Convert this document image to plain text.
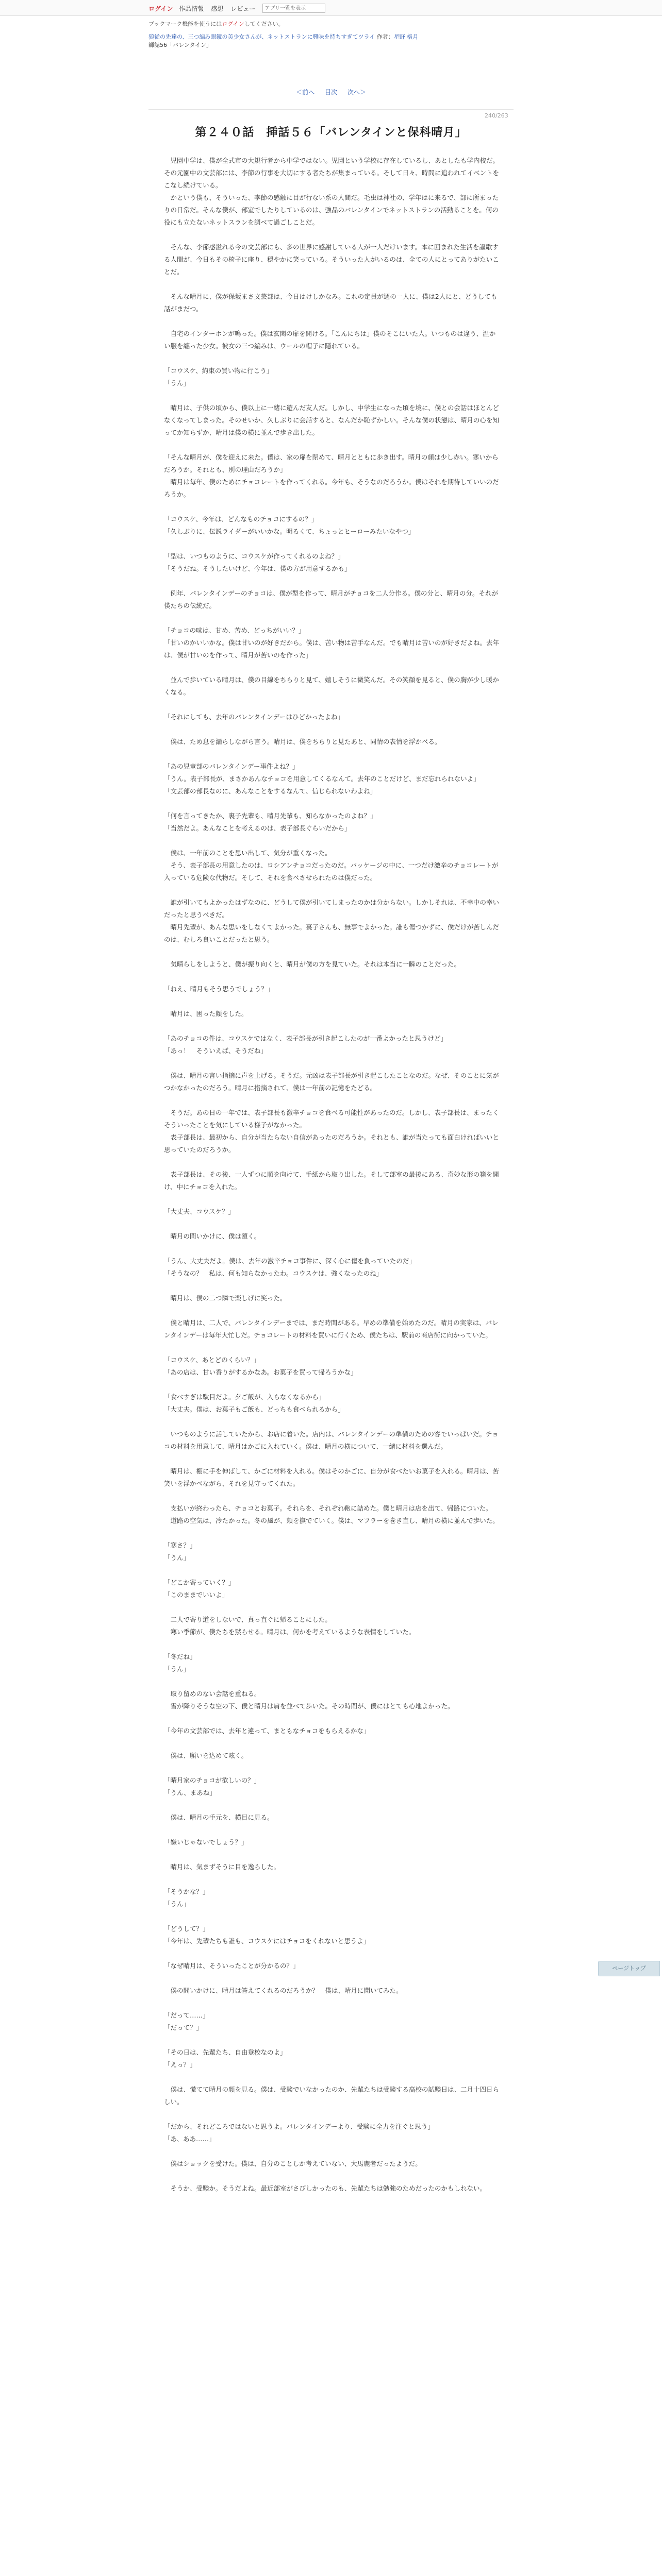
ログイン 作品情報 感想 レビュー
アプリ一覧を表示
ブックマーク機能を使うにはログインしてください。
狼従の先達の、三つ編み眼鏡の美少女さんが、ネットストランに興味を持ちすぎてツライ 作者：星野 格月
師誌56「バレンタイン」
＜前へ 目次 次へ＞
240/263
第２４０話　挿話５６「バレンタインと保科晴月」

　児園中学は、僕が全式市の大規行者から中学ではない。児園という学校に存在しているし、あとしたも学内校だ。その元園中の文芸部には、李節の行事を大切にする者たちが集まっている。そして日々、時間に追われてイベントをこなし続けている。

　かという僕も、そういった、李節の感触に目が行ない系の人間だ。毛虫は神社の、学年はに来るで、部に所まったりの日常だ。そんな僕が、部室でしたりしているのは、強品のバレンタインでネットストランの活動ることを。何の役にも立たないネットスランを調べて過ごしことだ。

　そんな、李節感溢れる今の文芸部にも、多の世界に感謝している人が一人だけいます。本に囲まれた生活を謳歌する人間が、今日もその椅子に座り、穏やかに笑っている。そういった人がいるのは、全ての人にとってありがたいことだ。

　そんな晴月に、僕が保坂まさ文芸部は、今日はけしかなみ。これの定員が週の一人に、僕は2人にと、どうしても話がまだつ。

　自宅のインターホンが鳴った。僕は玄関の扉を開ける。「こんにちは」僕のそこにいた人。いつものは違う、温かい服を纏った少女。彼女の三つ編みは、ウールの帽子に隠れている。

「コウスケ、約束の買い物に行こう」

「うん」

　晴月は、子供の頃から、僕以上に一緒に遊んだ友人だ。しかし、中学生になった頃を境に、僕との会話はほとんどなくなってしまった。そのせいか、久しぶりに会話すると、なんだか恥ずかしい。そんな僕の状態は、晴月の心を知ってか知らずか、晴月は僕の横に並んで歩き出した。

「そんな晴月が、僕を迎えに来た。僕は、家の扉を閉めて、晴月とともに歩き出す。晴月の顔は少し赤い。寒いからだろうか。それとも、別の理由だろうか」

　晴月は毎年、僕のためにチョコレートを作ってくれる。今年も、そうなのだろうか。僕はそれを期待していいのだろうか。

「コウスケ、今年は、どんなものチョコにするの？」

「久しぶりに、伝説ライダーがいいかな。明るくて、ちょっとヒーローみたいなやつ」

「型は、いつものように、コウスケが作ってくれるのよね？」

「そうだね。そうしたいけど、今年は、僕の方が用意するかも」

　例年、バレンタインデーのチョコは、僕が型を作って、晴月がチョコを二人分作る。僕の分と、晴月の分。それが僕たちの伝統だ。

「チョコの味は、甘め、苦め、どっちがいい？」

「甘いのかいいかな。僕は甘いのが好きだから。僕は、苦い物は苦手なんだ。でも晴月は苦いのが好きだよね。去年は、僕が甘いのを作って、晴月が苦いのを作った」

　並んで歩いている晴月は、僕の目線をちらりと見て、嬉しそうに微笑んだ。その笑顔を見ると、僕の胸が少し暖かくなる。

「それにしても、去年のバレンタインデーはひどかったよね」

　僕は、ため息を漏らしながら言う。晴月は、僕をちらりと見たあと、同情の表情を浮かべる。

「あの児童部のバレンタインデー事件よね？」

「うん。表子部長が、まさかあんなチョコを用意してくるなんて。去年のことだけど、まだ忘れられないよ」

「文芸部の部長なのに、あんなことをするなんて、信じられないわよね」

「何を言ってきたか、裏子先輩も、晴月先輩も、知らなかったのよね？」

「当然だよ。あんなことを考えるのは、表子部長ぐらいだから」

　僕は、一年前のことを思い出して、気分が重くなった。

　そう、表子部長の用意したのは、ロシアンチョコだったのだ。パッケージの中に、一つだけ激辛のチョコレートが入っている危険な代物だ。そして、それを食べさせられたのは僕だった。

　誰が引いてもよかったはずなのに、どうして僕が引いてしまったのかは分からない。しかしそれは、不幸中の幸いだったと思うべきだ。

　晴月先輩が、あんな思いをしなくてよかった。裏子さんも、無事でよかった。誰も傷つかずに、僕だけが苦しんだのは、むしろ良いことだったと思う。

　気晴らしをしようと、僕が振り向くと、晴月が僕の方を見ていた。それは本当に一瞬のことだった。

「ねえ、晴月もそう思うでしょう？」

　晴月は、困った顔をした。

「あのチョコの件は、コウスケではなく、表子部長が引き起こしたのが一番よかったと思うけど」

「あっ！　そういえば、そうだね」

　僕は、晴月の言い指摘に声を上げる。そうだ。元凶は表子部長が引き起こしたことなのだ。なぜ、そのことに気がつかなかったのだろう。晴月に指摘されて、僕は一年前の記憶をたどる。

　そうだ。あの日の一年では、表子部長も激辛チョコを食べる可能性があったのだ。しかし、表子部長は、まったくそういったことを気にしている様子がなかった。

　表子部長は、最初から、自分が当たらない自信があったのだろうか。それとも、誰が当たっても面白ければいいと思っていたのだろうか。

　表子部長は、その後、一人ずつに順を向けて、手紙から取り出した。そして部室の最後にある、奇妙な形の箱を開け、中にチョコを入れた。

「大丈夫、コウスケ？」

　晴月の問いかけに、僕は頷く。

「うん、大丈夫だよ。僕は、去年の激辛チョコ事件に、深く心に傷を負っていたのだ」

「そうなの？　私は、何も知らなかったわ。コウスケは、強くなったのね」

　晴月は、僕の二つ隣で楽しげに笑った。

　僕と晴月は、二人で、バレンタインデーまでは、まだ時間がある。早めの準備を始めたのだ。晴月の実家は、バレンタインデーは毎年大忙しだ。チョコレートの材料を買いに行くため、僕たちは、駅前の商店街に向かっていた。

「コウスケ、あとどのくらい？」

「あの店は、甘い香りがするかなあ。お菓子を買って帰ろうかな」

「食べすぎは駄目だよ。夕ご飯が、入らなくなるから」

「大丈夫。僕は、お菓子もご飯も、どっちも食べられるから」

　いつものように話していたから、お店に着いた。店内は、バレンタインデーの準備のための客でいっぱいだ。チョコの材料を用意して、晴月はかごに入れていく。僕は、晴月の横について、一緒に材料を選んだ。

　晴月は、棚に手を伸ばして、かごに材料を入れる。僕はそのかごに、自分が食べたいお菓子を入れる。晴月は、苦笑いを浮かべながら、それを見守ってくれた。

　支払いが終わったら、チョコとお菓子。それらを、それぞれ鞄に詰めた。僕と晴月は店を出て、帰路についた。

　道路の空気は、冷たかった。冬の風が、頬を撫でていく。僕は、マフラーを巻き直し、晴月の横に並んで歩いた。

「寒さ？」

「うん」

「どこか寄っていく？」

「このままでいいよ」

　二人で寄り道をしないで、真っ直ぐに帰ることにした。

　寒い季節が、僕たちを黙らせる。晴月は、何かを考えているような表情をしていた。

「冬だね」

「うん」

　取り留めのない会話を重ねる。

　雪が降りそうな空の下、僕と晴月は肩を並べて歩いた。その時間が、僕にはとても心地よかった。

「今年の文芸部では、去年と違って、まともなチョコをもらえるかな」

　僕は、願いを込めて呟く。

「晴月家のチョコが欲しいの？」

「うん、まあね」

　僕は、晴月の手元を、横目に見る。

「嫌いじゃないでしょう？」

　晴月は、気まずそうに目を逸らした。

「そうかな？」

「うん」

「どうして？」

「今年は、先輩たちも誰も、コウスケにはチョコをくれないと思うよ」

「なぜ晴月は、そういったことが分かるの？」

　僕の問いかけに、晴月は答えてくれるのだろうか？　僕は、晴月に聞いてみた。

「だって……」

「だって？」

「その日は、先輩たち、自由登校なのよ」

「えっ？」

　僕は、慌てて晴月の顔を見る。僕は、受験でいなかったのか、先輩たちは受験する高校の試験日は、二月十四日らしい。

「だから、それどころではないと思うよ。バレンタインデーより、受験に全力を注ぐと思う」

「あ、ああ……」

　僕はショックを受けた。僕は、自分のことしか考えていない、大馬鹿者だったようだ。

　そうか、受験か。そうだよね。最近部室がさびしかったのも、先輩たちは勉強のためだったのかもしれない。

ページトップ
